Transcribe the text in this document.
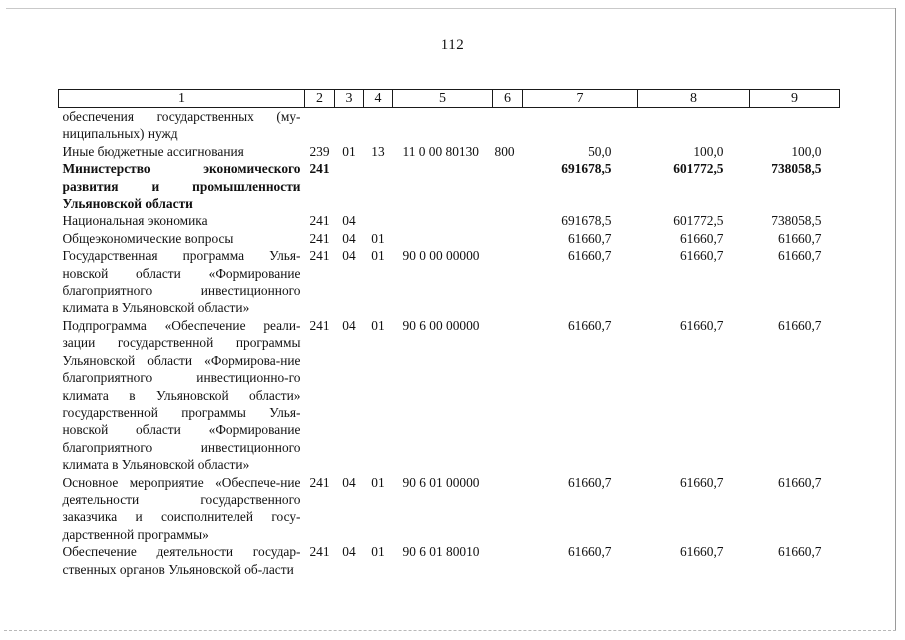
112
1	2	3	4	5	6	7	8	9
обеспечения государственных (му-ниципальных) нужд								
Иные бюджетные ассигнования	239	01	13	11 0 00 80130	800	50,0	100,0	100,0
Министерство экономического развития и промышленности Ульяновской области	241					691678,5	601772,5	738058,5
Национальная экономика	241	04				691678,5	601772,5	738058,5
Общеэкономические вопросы	241	04	01			61660,7	61660,7	61660,7
Государственная программа Улья-новской области «Формирование благоприятного инвестиционного климата в Ульяновской области»	241	04	01	90 0 00 00000		61660,7	61660,7	61660,7
Подпрограмма «Обеспечение реали-зации государственной программы Ульяновской области «Формирова-ние благоприятного инвестиционно-го климата в Ульяновской области» государственной программы Улья-новской области «Формирование благоприятного инвестиционного климата в Ульяновской области»	241	04	01	90 6 00 00000		61660,7	61660,7	61660,7
Основное мероприятие «Обеспече-ние деятельности государственного заказчика и соисполнителей госу-дарственной программы»	241	04	01	90 6 01 00000		61660,7	61660,7	61660,7
Обеспечение деятельности государ-ственных органов Ульяновской об-ласти	241	04	01	90 6 01 80010		61660,7	61660,7	61660,7
